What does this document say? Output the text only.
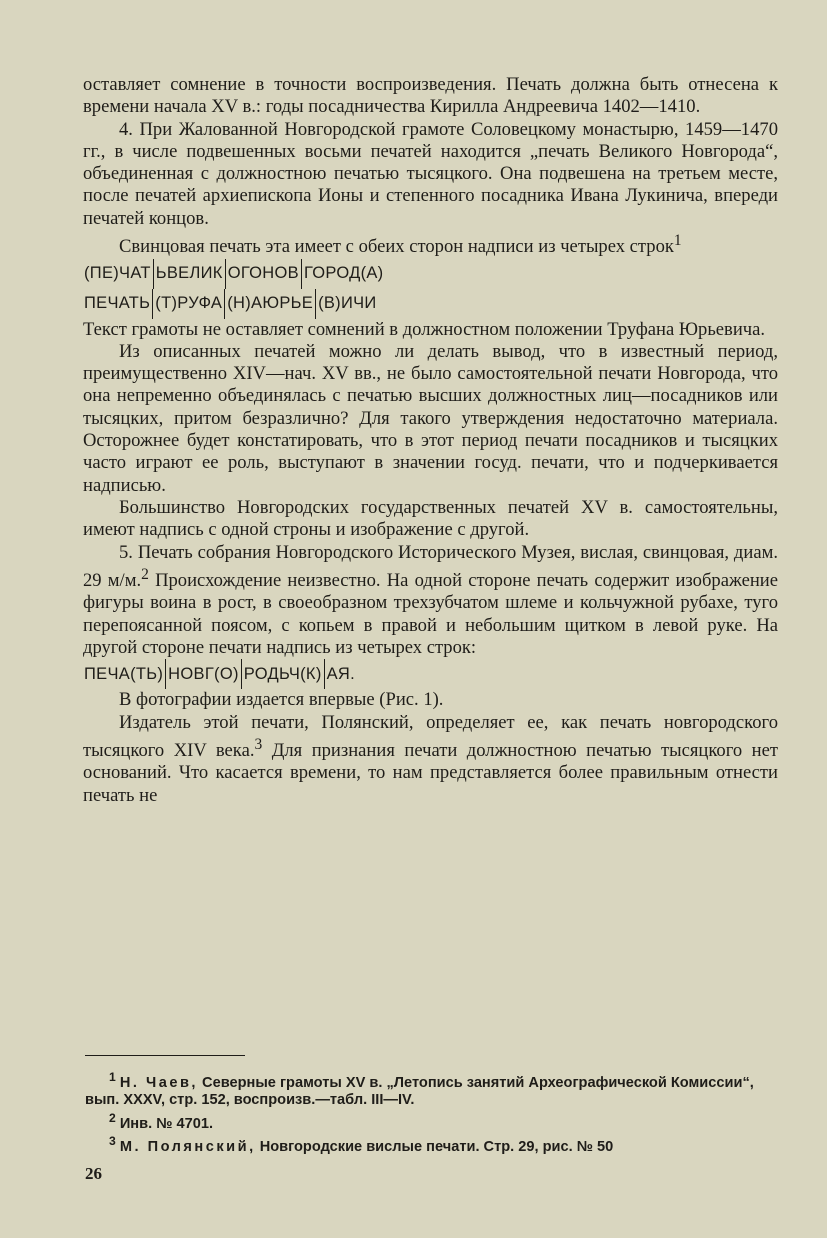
оставляет сомнение в точности воспроизведения. Печать должна быть отнесена к времени начала XV в.: годы посадничества Кирилла Андреевича 1402—1410.

4. При Жалованной Новгородской грамоте Соловецкому монастырю, 1459—1470 гг., в числе подвешенных восьми печатей находится „печать Великого Новгорода“, объединенная с должностною печатью тысяцкого. Она подвешена на третьем месте, после печатей архиепископа Ионы и степенного посадника Ивана Лукинича, впереди печатей концов.

Свинцовая печать эта имеет с обеих сторон надписи из четырех строк$^1$

(ПЕ)ЧАТ ЬВЕЛИК ОГОНОВ ГОРОД(А)

ПЕЧАТЬ (Т)РУФА (Н)АЮРЬЕ (В)ИЧИ

Текст грамоты не оставляет сомнений в должностном положении Труфана Юрьевича.

Из описанных печатей можно ли делать вывод, что в известный период, преимущественно XIV—нач. XV вв., не было самостоятельной печати Новгорода, что она непременно объединялась с печатью высших должностных лиц—посадников или тысяцких, притом безразлично? Для такого утверждения недостаточно материала. Осторожнее будет констатировать, что в этот период печати посадников и тысяцких часто играют ее роль, выступают в значении госуд. печати, что и подчеркивается надписью.

Большинство Новгородских государственных печатей XV в. самостоятельны, имеют надпись с одной строны и изображение с другой.

5. Печать собрания Новгородского Исторического Музея, вислая, свинцовая, диам. 29 м/м.$^2$ Происхождение неизвестно. На одной стороне печать содержит изображение фигуры воина в рост, в своеобразном трехзубчатом шлеме и кольчужной рубахе, туго перепоясанной поясом, с копьем в правой и небольшим щитком в левой руке. На другой стороне печати надпись из четырех строк:

ПЕЧА(ТЬ) НОВГ(О) РОДЬЧ(К) АЯ.

В фотографии издается впервые (Рис. 1).

Издатель этой печати, Полянский, определяет ее, как печать новгородского тысяцкого XIV века.$^3$ Для признания печати должностною печатью тысяцкого нет оснований. Что касается времени, то нам представляется более правильным отнести печать не

$^1$ Н. Чаев, Северные грамоты XV в. „Летопись занятий Археографической Комиссии“, вып. XXXV, стр. 152, воспроизв.—табл. III—IV.

$^2$ Инв. № 4701.

$^3$ М. Полянский, Новгородские вислые печати. Стр. 29, рис. № 50

26
